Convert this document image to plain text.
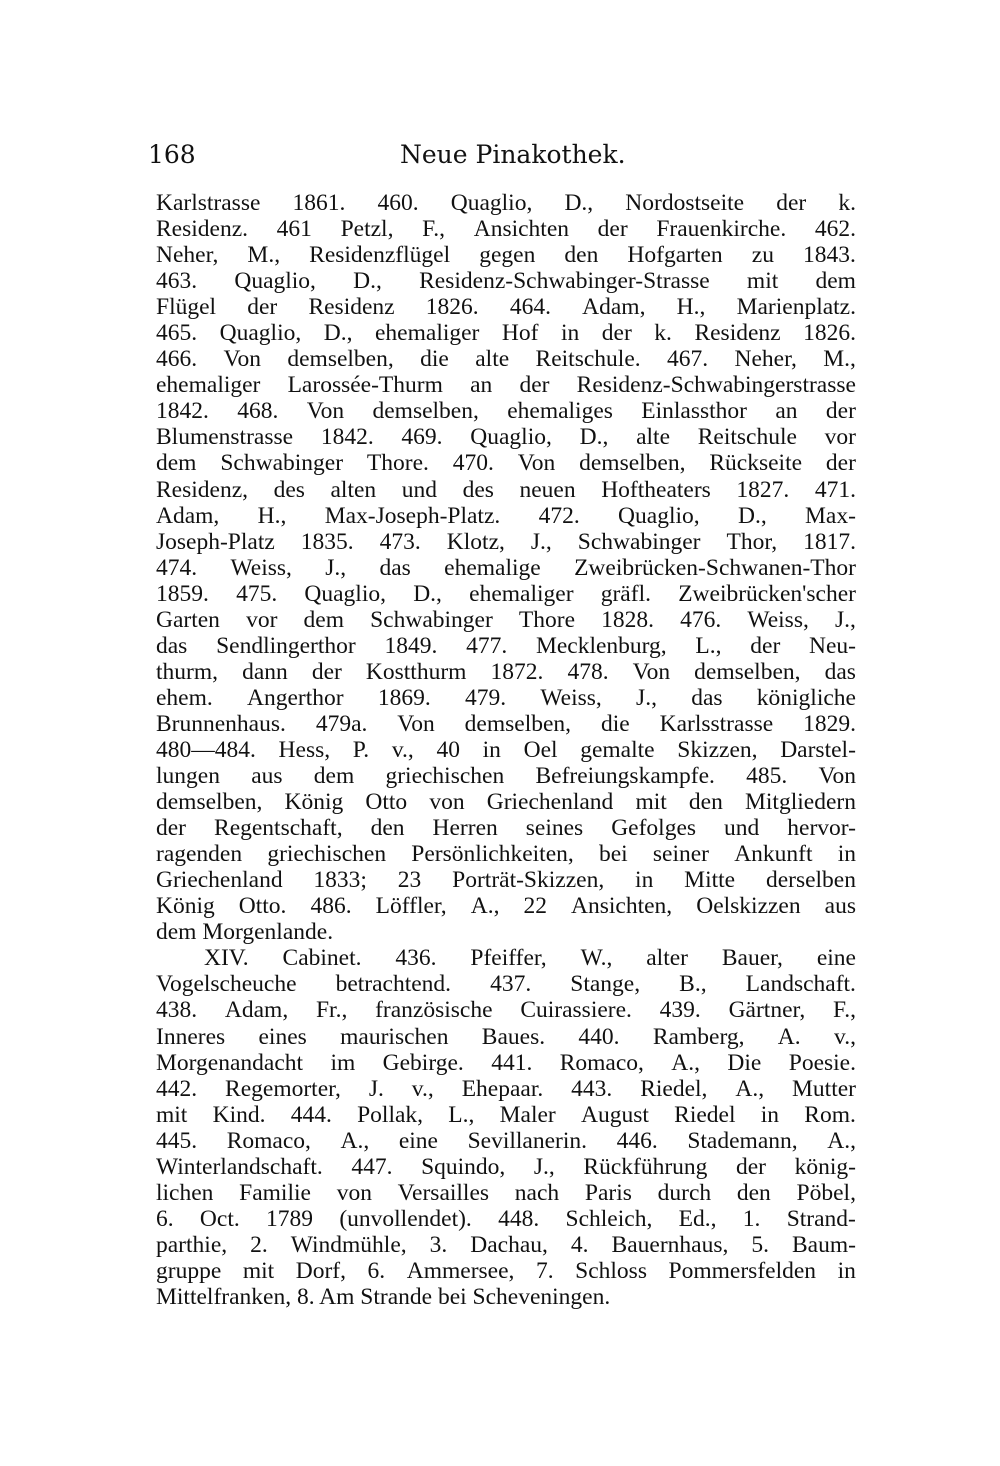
168	Neue Pinakothek.
Karlstrasse 1861. 460. Quaglio, D., Nordostseite der k.
Residenz. 461 Petzl, F., Ansichten der Frauenkirche. 462.
Neher, M., Residenzflügel gegen den Hofgarten zu 1843.
463. Quaglio, D., Residenz-Schwabinger-Strasse mit dem
Flügel der Residenz 1826. 464. Adam, H., Marienplatz.
465. Quaglio, D., ehemaliger Hof in der k. Residenz 1826.
466. Von demselben, die alte Reitschule. 467. Neher, M.,
ehemaliger Larossée-Thurm an der Residenz-Schwabingerstrasse
1842. 468. Von demselben, ehemaliges Einlassthor an der
Blumenstrasse 1842. 469. Quaglio, D., alte Reitschule vor
dem Schwabinger Thore. 470. Von demselben, Rückseite der
Residenz, des alten und des neuen Hoftheaters 1827. 471.
Adam, H., Max-Joseph-Platz. 472. Quaglio, D., Max-
Joseph-Platz 1835. 473. Klotz, J., Schwabinger Thor, 1817.
474. Weiss, J., das ehemalige Zweibrücken-Schwanen-Thor
1859. 475. Quaglio, D., ehemaliger gräfl. Zweibrücken'scher
Garten vor dem Schwabinger Thore 1828. 476. Weiss, J.,
das Sendlingerthor 1849. 477. Mecklenburg, L., der Neu-
thurm, dann der Kostthurm 1872. 478. Von demselben, das
ehem. Angerthor 1869. 479. Weiss, J., das königliche
Brunnenhaus. 479a. Von demselben, die Karlsstrasse 1829.
480—484. Hess, P. v., 40 in Oel gemalte Skizzen, Darstel-
lungen aus dem griechischen Befreiungskampfe. 485. Von
demselben, König Otto von Griechenland mit den Mitgliedern
der Regentschaft, den Herren seines Gefolges und hervor-
ragenden griechischen Persönlichkeiten, bei seiner Ankunft in
Griechenland 1833; 23 Porträt-Skizzen, in Mitte derselben
König Otto. 486. Löffler, A., 22 Ansichten, Oelskizzen aus
dem Morgenlande.
XIV. Cabinet. 436. Pfeiffer, W., alter Bauer, eine
Vogelscheuche betrachtend. 437. Stange, B., Landschaft.
438. Adam, Fr., französische Cuirassiere. 439. Gärtner, F.,
Inneres eines maurischen Baues. 440. Ramberg, A. v.,
Morgenandacht im Gebirge. 441. Romaco, A., Die Poesie.
442. Regemorter, J. v., Ehepaar. 443. Riedel, A., Mutter
mit Kind. 444. Pollak, L., Maler August Riedel in Rom.
445. Romaco, A., eine Sevillanerin. 446. Stademann, A.,
Winterlandschaft. 447. Squindo, J., Rückführung der könig-
lichen Familie von Versailles nach Paris durch den Pöbel,
6. Oct. 1789 (unvollendet). 448. Schleich, Ed., 1. Strand-
parthie, 2. Windmühle, 3. Dachau, 4. Bauernhaus, 5. Baum-
gruppe mit Dorf, 6. Ammersee, 7. Schloss Pommersfelden in
Mittelfranken, 8. Am Strande bei Scheveningen.
